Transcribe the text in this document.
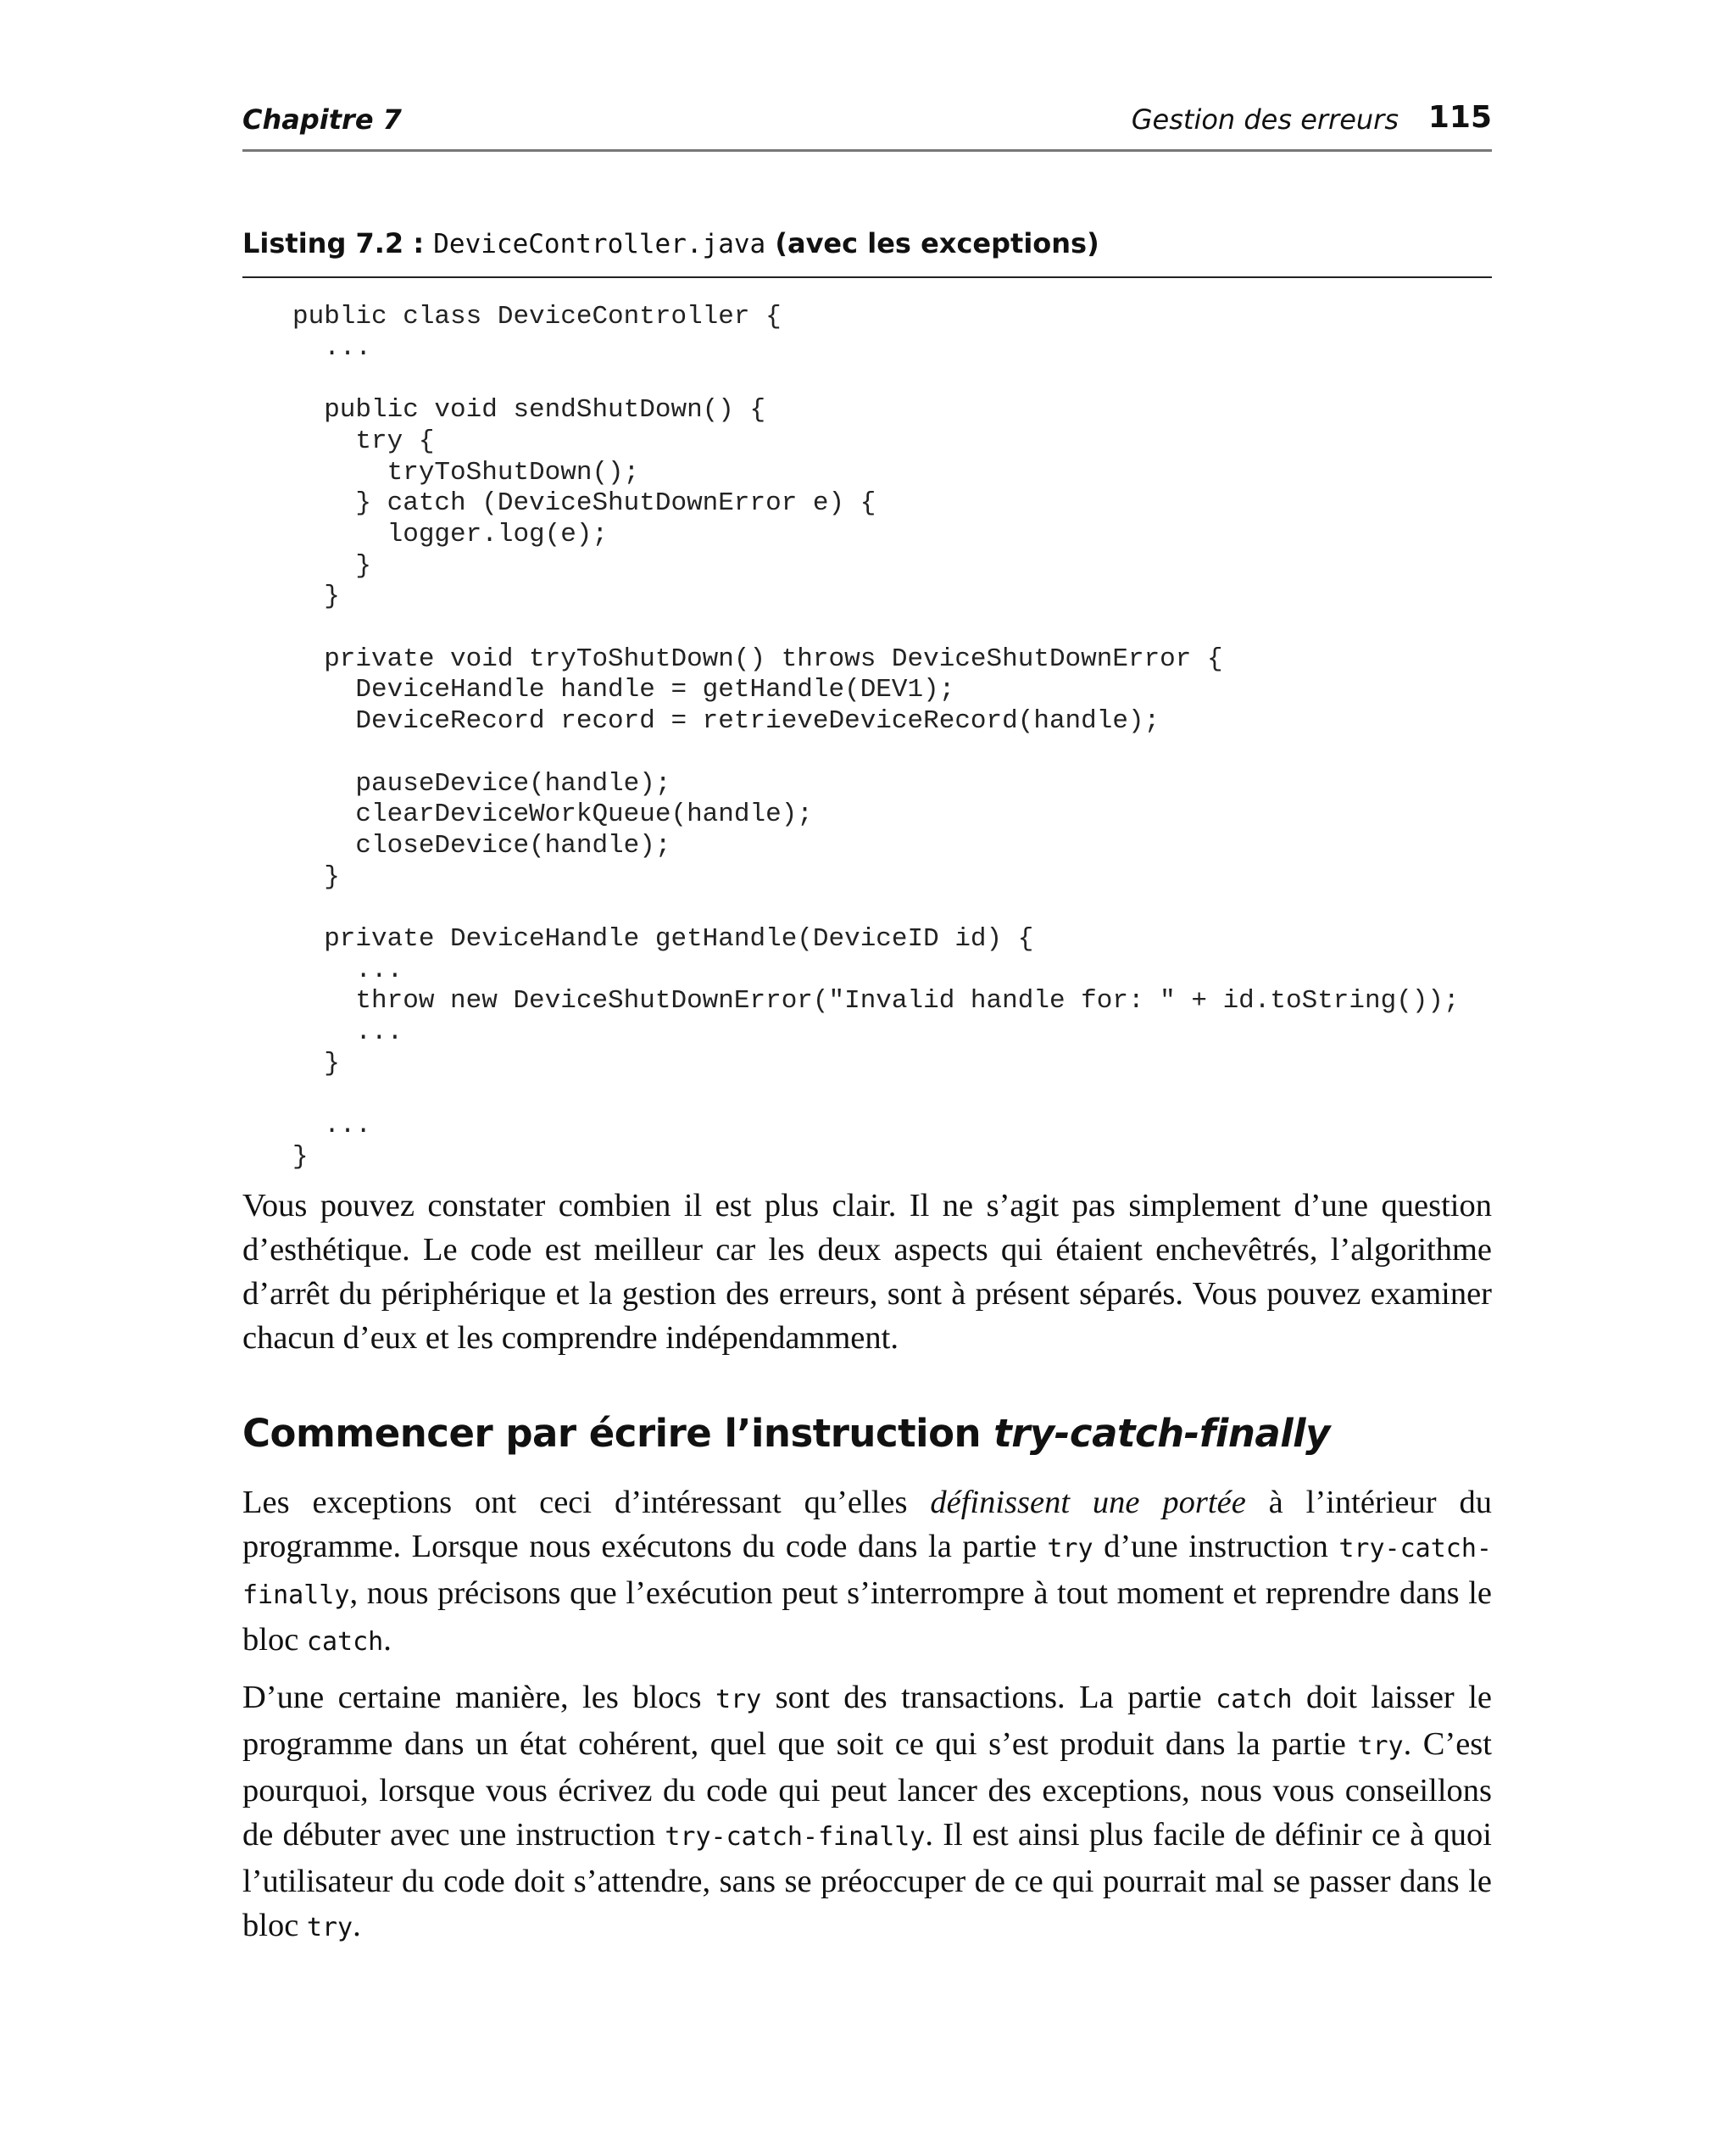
Chapitre 7	Gestion des erreurs 115
Listing 7.2 : DeviceController.java (avec les exceptions)
public class DeviceController {
...

public void sendShutDown() {
try {
tryToShutDown();
} catch (DeviceShutDownError e) {
logger.log(e);
}
}

private void tryToShutDown() throws DeviceShutDownError {
DeviceHandle handle = getHandle(DEV1);
DeviceRecord record = retrieveDeviceRecord(handle);

pauseDevice(handle);
clearDeviceWorkQueue(handle);
closeDevice(handle);
}

private DeviceHandle getHandle(DeviceID id) {
...
throw new DeviceShutDownError("Invalid handle for: " + id.toString());
...
}

...
}

Vous pouvez constater combien il est plus clair. Il ne s’agit pas simplement d’une question d’esthétique. Le code est meilleur car les deux aspects qui étaient enchevêtrés, l’algorithme d’arrêt du périphérique et la gestion des erreurs, sont à présent séparés. Vous pouvez examiner chacun d’eux et les comprendre indépendamment.

Commencer par écrire l’instruction try-catch-finally

Les exceptions ont ceci d’intéressant qu’elles définissent une portée à l’intérieur du programme. Lorsque nous exécutons du code dans la partie try d’une instruction try-catch-finally, nous précisons que l’exécution peut s’interrompre à tout moment et reprendre dans le bloc catch.

D’une certaine manière, les blocs try sont des transactions. La partie catch doit laisser le programme dans un état cohérent, quel que soit ce qui s’est produit dans la partie try. C’est pourquoi, lorsque vous écrivez du code qui peut lancer des exceptions, nous vous conseillons de débuter avec une instruction try-catch-finally. Il est ainsi plus facile de définir ce à quoi l’utilisateur du code doit s’attendre, sans se préoccuper de ce qui pourrait mal se passer dans le bloc try.
